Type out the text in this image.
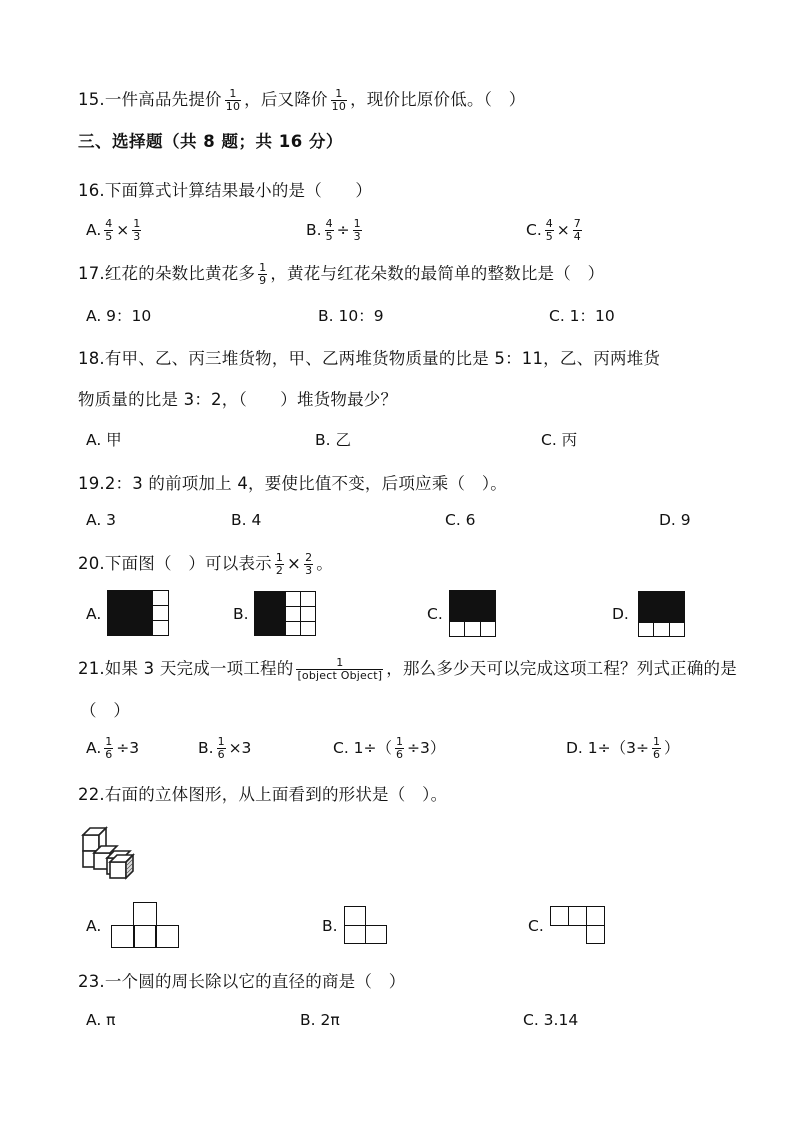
15.一件高品先提价 $\frac{1}{10}$ ，后又降价 $\frac{1}{10}$ ，现价比原价低。（　）
三、选择题（共 8 题；共 16 分）
16.下面算式计算结果最小的是（　　）
A. $\frac{4}{5} \times \frac{1}{3}$	B. $\frac{4}{5} \div \frac{1}{3}$	C. $\frac{4}{5} \times \frac{7}{4}$
17.红花的朵数比黄花多 $\frac{1}{9}$ ，黄花与红花朵数的最简单的整数比是（　）
A. 9：10	B. 10：9	C. 1：10
18.有甲、乙、丙三堆货物，甲、乙两堆货物质量的比是 5：11，乙、丙两堆货
物质量的比是 3：2，（　　）堆货物最少？
A. 甲	B. 乙	C. 丙
19.2：3 的前项加上 4，要使比值不变，后项应乘（　）。
A. 3	B. 4	C. 6	D. 9
20.下面图（　）可以表示 $\frac{1}{2} \times \frac{2}{3}$ 。
A.	B.	C.	D.
21.如果 3 天完成一项工程的 $\frac{1}{\text{[object Object]}}$ ，那么多少天可以完成这项工程？列式正确的是
（　）
A. $\frac{1}{6} \div 3$	B. $\frac{1}{6} \times 3$	C. $1\div( \frac{1}{6} \div 3)$	D. $1\div(3\div \frac{1}{6}$ ）
22.右面的立体图形，从上面看到的形状是（　）。
A.	B.	C.
23.一个圆的周长除以它的直径的商是（　）
A. π	B. 2π	C. 3.14
